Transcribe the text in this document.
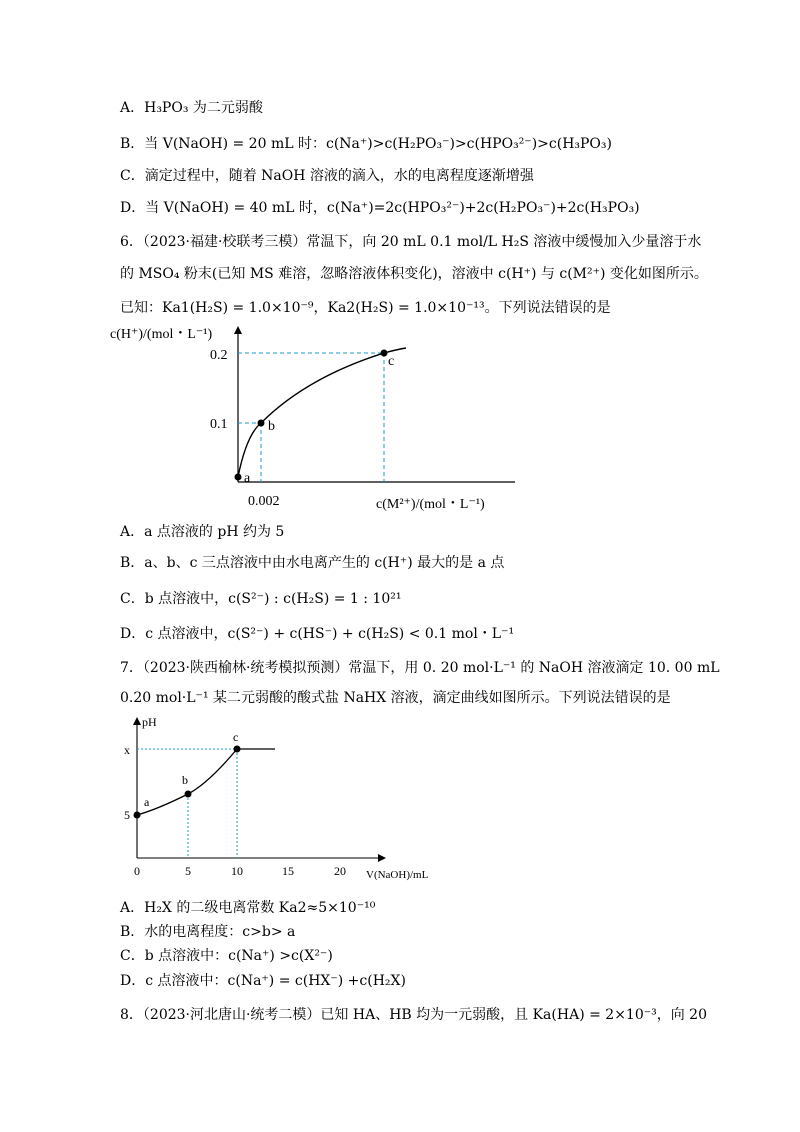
A．H₃PO₃ 为二元弱酸
B．当 V(NaOH) = 20 mL 时：c(Na⁺)>c(H₂PO₃⁻)>c(HPO₃²⁻)>c(H₃PO₃)
C．滴定过程中，随着 NaOH 溶液的滴入，水的电离程度逐渐增强
D．当 V(NaOH) = 40 mL 时，c(Na⁺)=2c(HPO₃²⁻)+2c(H₂PO₃⁻)+2c(H₃PO₃)
6．（2023·福建·校联考三模）常温下，向 20 mL 0.1 mol/L H₂S 溶液中缓慢加入少量溶于水
的 MSO₄ 粉末(已知 MS 难溶，忽略溶液体积变化)，溶液中 c(H⁺) 与 c(M²⁺) 变化如图所示。
已知：Ka1(H₂S) = 1.0×10⁻⁹，Ka2(H₂S) = 1.0×10⁻¹³。下列说法错误的是
c(H⁺)/(mol・L⁻¹)
0.2
0.1
0.002	c(M²⁺)/(mol・L⁻¹)
a
b
c
A．a 点溶液的 pH 约为 5
B．a、b、c 三点溶液中由水电离产生的 c(H⁺) 最大的是 a 点
C．b 点溶液中，c(S²⁻) : c(H₂S) = 1 : 10²¹
D．c 点溶液中，c(S²⁻) + c(HS⁻) + c(H₂S) < 0.1 mol・L⁻¹
7．（2023·陕西榆林·统考模拟预测）常温下，用 0. 20 mol·L⁻¹ 的 NaOH 溶液滴定 10. 00 mL
0.20 mol·L⁻¹ 某二元弱酸的酸式盐 NaHX 溶液，滴定曲线如图所示。下列说法错误的是
pH
x
5
a
b
c
0	5	10	15	20 V(NaOH)/mL
A．H₂X 的二级电离常数 Ka2≈5×10⁻¹⁰
B．水的电离程度：c>b> a
C．b 点溶液中：c(Na⁺) >c(X²⁻)
D．c 点溶液中：c(Na⁺) = c(HX⁻) +c(H₂X)
8．（2023·河北唐山·统考二模）已知 HA、HB 均为一元弱酸，且 Ka(HA) = 2×10⁻³，向 20
